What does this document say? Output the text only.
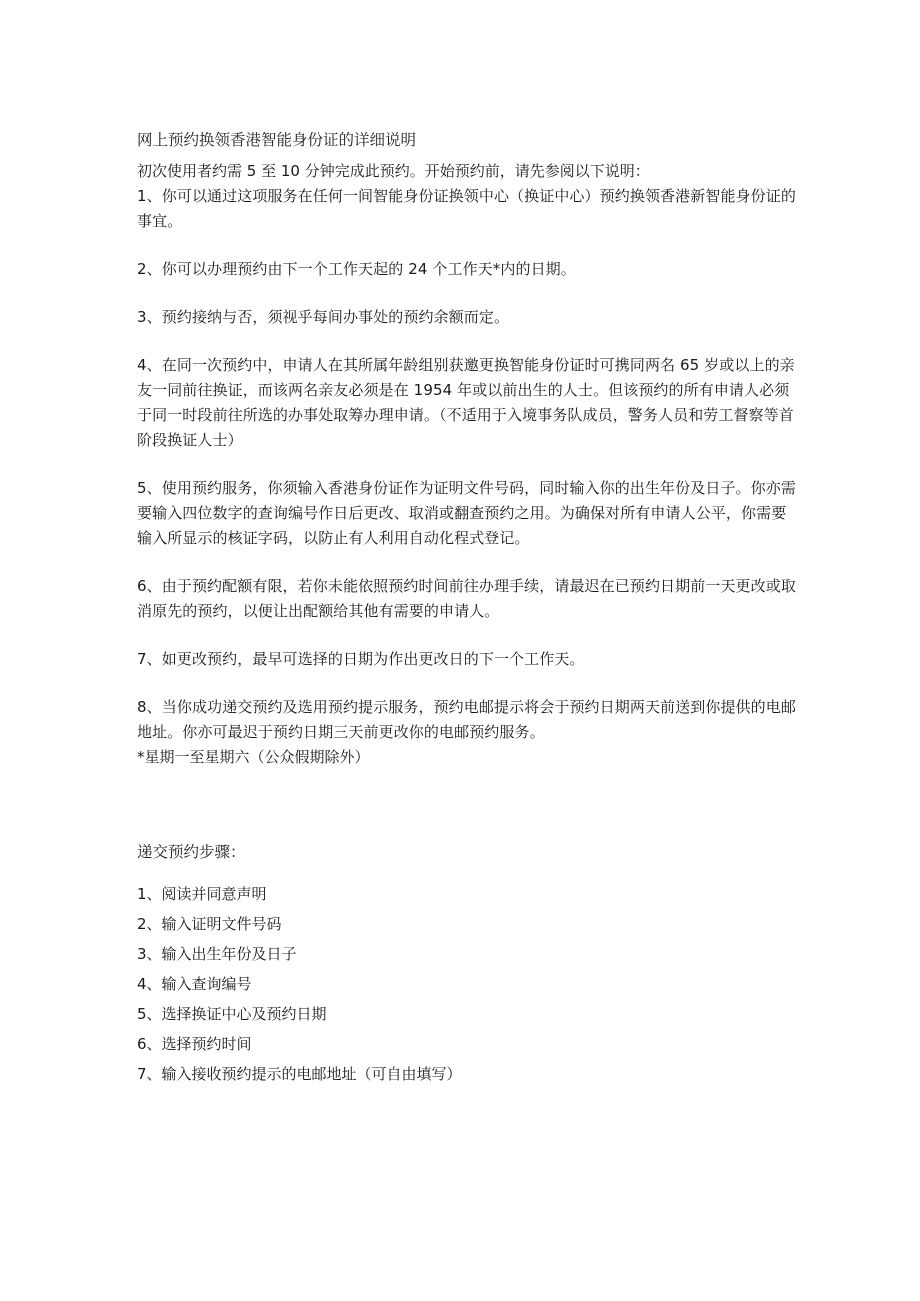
网上预约换领香港智能身份证的详细说明

初次使用者约需 5 至 10 分钟完成此预约。开始预约前，请先参阅以下说明：

1、你可以通过这项服务在任何一间智能身份证换领中心（换证中心）预约换领香港新智能身份证的事宜。

2、你可以办理预约由下一个工作天起的 24 个工作天*内的日期。

3、预约接纳与否，须视乎每间办事处的预约余额而定。

4、在同一次预约中，申请人在其所属年龄组别获邀更换智能身份证时可携同两名 65 岁或以上的亲友一同前往换证，而该两名亲友必须是在 1954 年或以前出生的人士。但该预约的所有申请人必须于同一时段前往所选的办事处取筹办理申请。（不适用于入境事务队成员，警务人员和劳工督察等首阶段换证人士）

5、使用预约服务，你须输入香港身份证作为证明文件号码，同时输入你的出生年份及日子。你亦需要输入四位数字的查询编号作日后更改、取消或翻查预约之用。为确保对所有申请人公平，你需要输入所显示的核证字码，以防止有人利用自动化程式登记。

6、由于预约配额有限，若你未能依照预约时间前往办理手续，请最迟在已预约日期前一天更改或取消原先的预约，以便让出配额给其他有需要的申请人。

7、如更改预约，最早可选择的日期为作出更改日的下一个工作天。

8、当你成功递交预约及选用预约提示服务，预约电邮提示将会于预约日期两天前送到你提供的电邮地址。你亦可最迟于预约日期三天前更改你的电邮预约服务。

*星期一至星期六（公众假期除外）

递交预约步骤：
1、阅读并同意声明
2、输入证明文件号码
3、输入出生年份及日子
4、输入查询编号
5、选择换证中心及预约日期
6、选择预约时间
7、输入接收预约提示的电邮地址（可自由填写）
